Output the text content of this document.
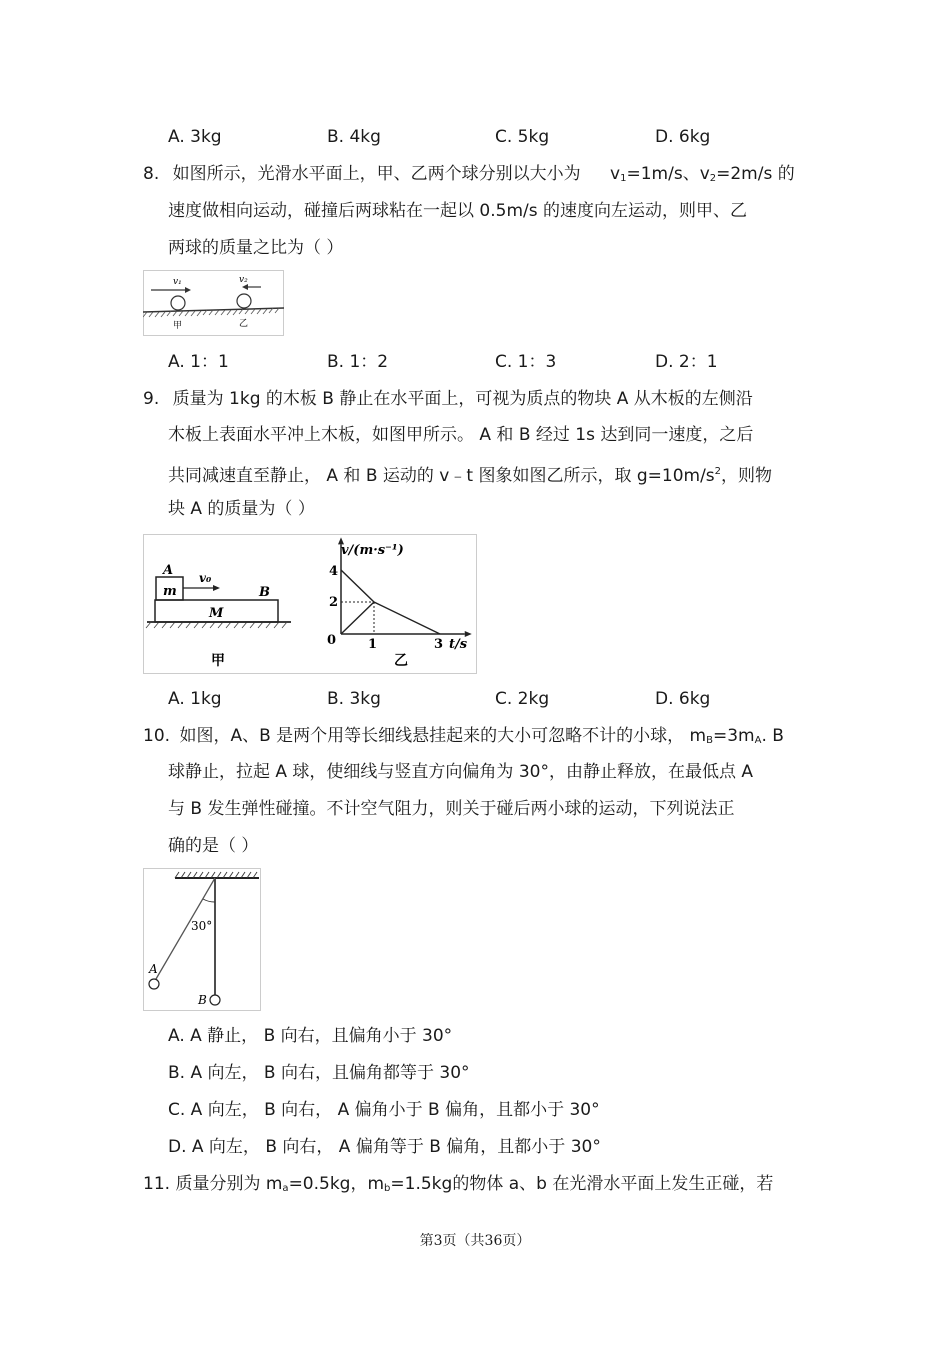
A. 3kg	B. 4kg	C. 5kg	D. 6kg
8. 如图所示，光滑水平面上，甲、乙两个球分别以大小为 $v_1=1m/s$、$v_2=2m/s$ 的
速度做相向运动，碰撞后两球粘在一起以 0.5m/s 的速度向左运动，则甲、乙
两球的质量之比为（ ）
v₁	v₂
甲	乙
A. 1：1	B. 1：2	C. 1：3	D. 2：1
9. 质量为 1kg 的木板 B 静止在水平面上，可视为质点的物块 A 从木板的左侧沿
木板上表面水平冲上木板，如图甲所示。 A 和 B 经过 1s 达到同一速度，之后
共同减速直至静止， A 和 B 运动的 v﹣t 图象如图乙所示，取 $g=10m/s^2$，则物
块 A 的质量为（ ）
A
m
v₀
B
M
甲
v/(m·s⁻¹)
4
2
0 1	3 t/s
乙
A. 1kg	B. 3kg	C. 2kg	D. 6kg
10. 如图，A、B 是两个用等长细线悬挂起来的大小可忽略不计的小球， $m_B=3m_A$. B
球静止，拉起 A 球，使细线与竖直方向偏角为 30°，由静止释放，在最低点 A
与 B 发生弹性碰撞。不计空气阻力，则关于碰后两小球的运动，下列说法正
确的是（ ）
30°
A
B
A. A 静止， B 向右，且偏角小于 30°
B. A 向左， B 向右，且偏角都等于 30°
C. A 向左， B 向右， A 偏角小于 B 偏角，且都小于 30°
D. A 向左， B 向右， A 偏角等于 B 偏角，且都小于 30°
11. 质量分别为 $m_a=0.5kg$，$m_b=1.5kg$的物体 a、b 在光滑水平面上发生正碰，若
第3页（共36页）
